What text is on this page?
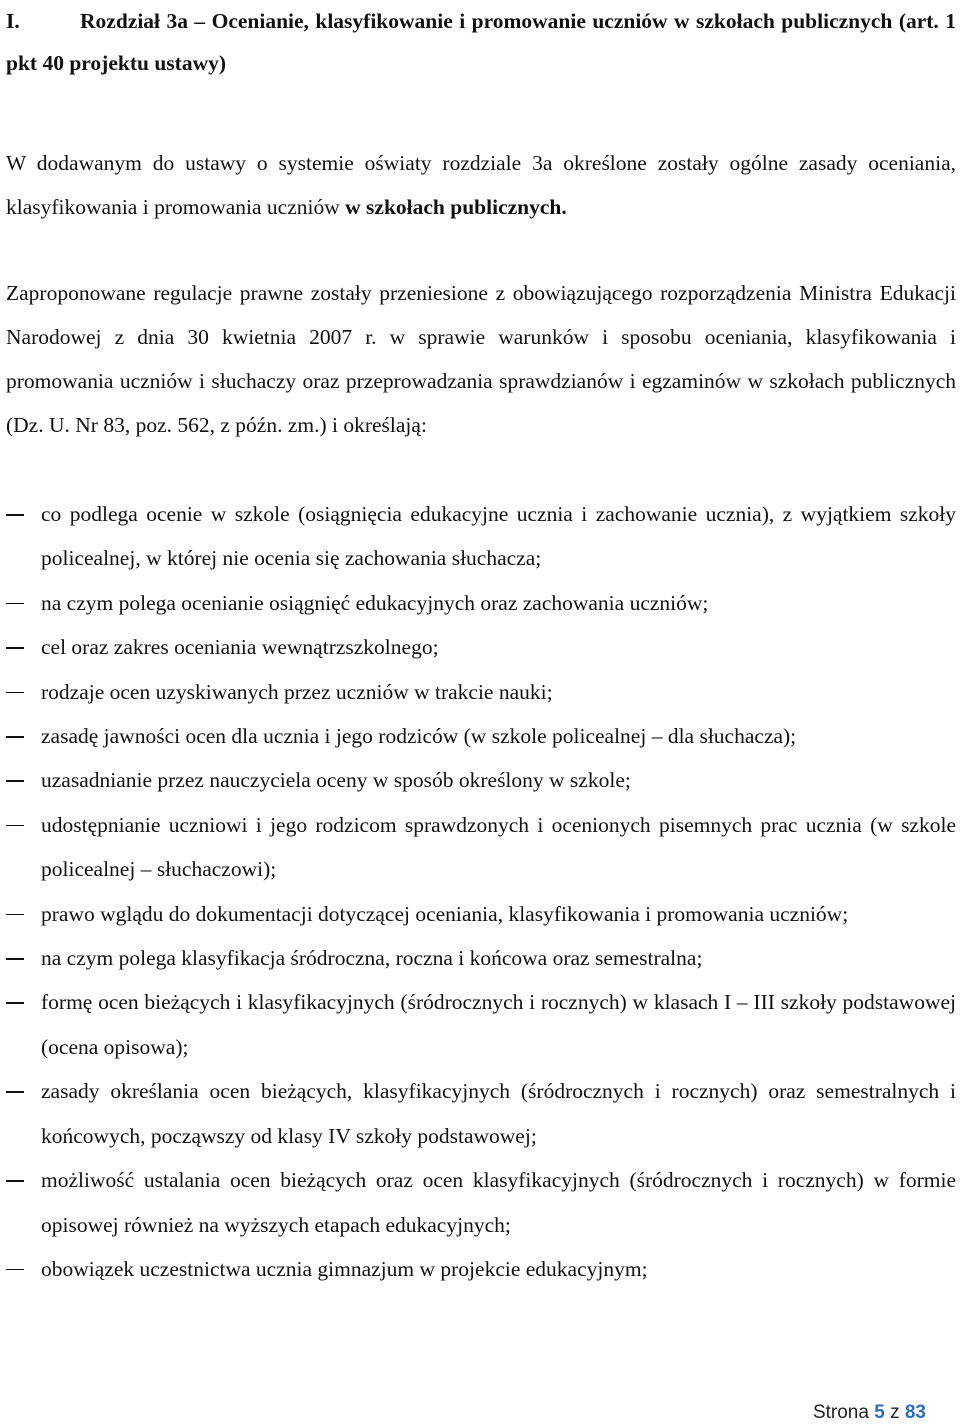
I.	Rozdział 3a – Ocenianie, klasyfikowanie i promowanie uczniów w szkołach publicznych (art. 1 pkt 40 projektu ustawy)
W dodawanym do ustawy o systemie oświaty rozdziale 3a określone zostały ogólne zasady oceniania, klasyfikowania i promowania uczniów w szkołach publicznych.
Zaproponowane regulacje prawne zostały przeniesione z obowiązującego rozporządzenia Ministra Edukacji Narodowej z dnia 30 kwietnia 2007 r. w sprawie warunków i sposobu oceniania, klasyfikowania i promowania uczniów i słuchaczy oraz przeprowadzania sprawdzianów i egzaminów w szkołach publicznych (Dz. U. Nr 83, poz. 562, z późn. zm.) i określają:
co podlega ocenie w szkole (osiągnięcia edukacyjne ucznia i zachowanie ucznia), z wyjątkiem szkoły policealnej, w której nie ocenia się zachowania słuchacza;
na czym polega ocenianie osiągnięć edukacyjnych oraz zachowania uczniów;
cel oraz zakres oceniania wewnątrzszkolnego;
rodzaje ocen uzyskiwanych przez uczniów w trakcie nauki;
zasadę jawności ocen dla ucznia i jego rodziców (w szkole policealnej – dla słuchacza);
uzasadnianie przez nauczyciela oceny w sposób określony w szkole;
udostępnianie uczniowi i jego rodzicom sprawdzonych i ocenionych pisemnych prac ucznia (w szkole policealnej – słuchaczowi);
prawo wglądu do dokumentacji dotyczącej oceniania, klasyfikowania i promowania uczniów;
na czym polega klasyfikacja śródroczna, roczna i końcowa oraz semestralna;
formę ocen bieżących i klasyfikacyjnych (śródrocznych i rocznych) w klasach I – III szkoły podstawowej (ocena opisowa);
zasady określania ocen bieżących, klasyfikacyjnych (śródrocznych i rocznych) oraz semestralnych i końcowych, począwszy od klasy IV szkoły podstawowej;
możliwość ustalania ocen bieżących oraz ocen klasyfikacyjnych (śródrocznych i rocznych) w formie opisowej również na wyższych etapach edukacyjnych;
obowiązek uczestnictwa ucznia gimnazjum w projekcie edukacyjnym;
Strona 5 z 83
